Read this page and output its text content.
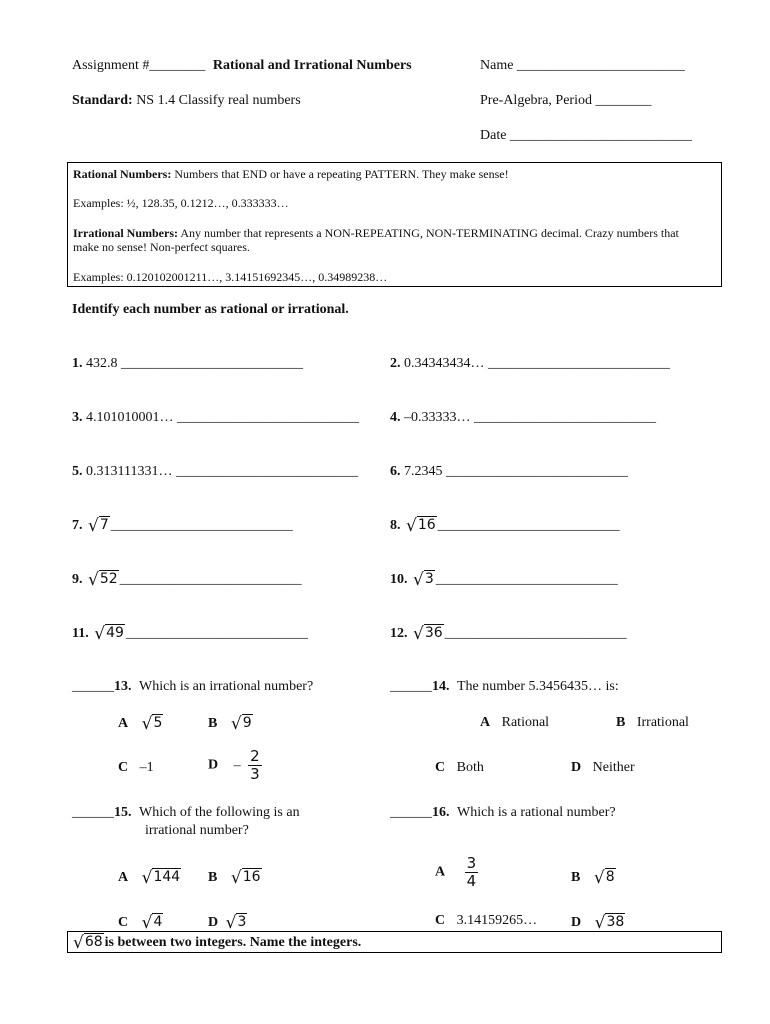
Assignment #________ Rational and Irrational Numbers	Name ________________________
Standard: NS 1.4 Classify real numbers	Pre-Algebra, Period ________
Date __________________________
Rational Numbers: Numbers that END or have a repeating PATTERN. They make sense!
Examples: ½, 128.35, 0.1212…, 0.333333…
Irrational Numbers: Any number that represents a NON-REPEATING, NON-TERMINATING decimal. Crazy numbers that
make no sense! Non-perfect squares.
Examples: 0.120102001211…, 3.14151692345…, 0.34989238…
Identify each number as rational or irrational.
1. 432.8 __________________________	2. 0.34343434… __________________________
3. 4.101010001… __________________________ 4. –0.33333… __________________________
5. 0.313111331… __________________________ 6. 7.2345 __________________________
7. √7 __________________________	8. √16 __________________________
9. √52 __________________________	10. √3 __________________________
11. √49 __________________________	12. √36 __________________________
______13. Which is an irrational number?
A √5	B √9
C –1	D – $\frac{2}{3}$
______14. The number 5.3456435… is:
A Rational	B Irrational
C Both	D Neither
______15. Which of the following is an
irrational number?
A √144 B √16
C √4	D √3
______16. Which is a rational number?
A $\frac{3}{4}$	B √8
C 3.14159265… D √38
√68 is between two integers. Name the integers.
